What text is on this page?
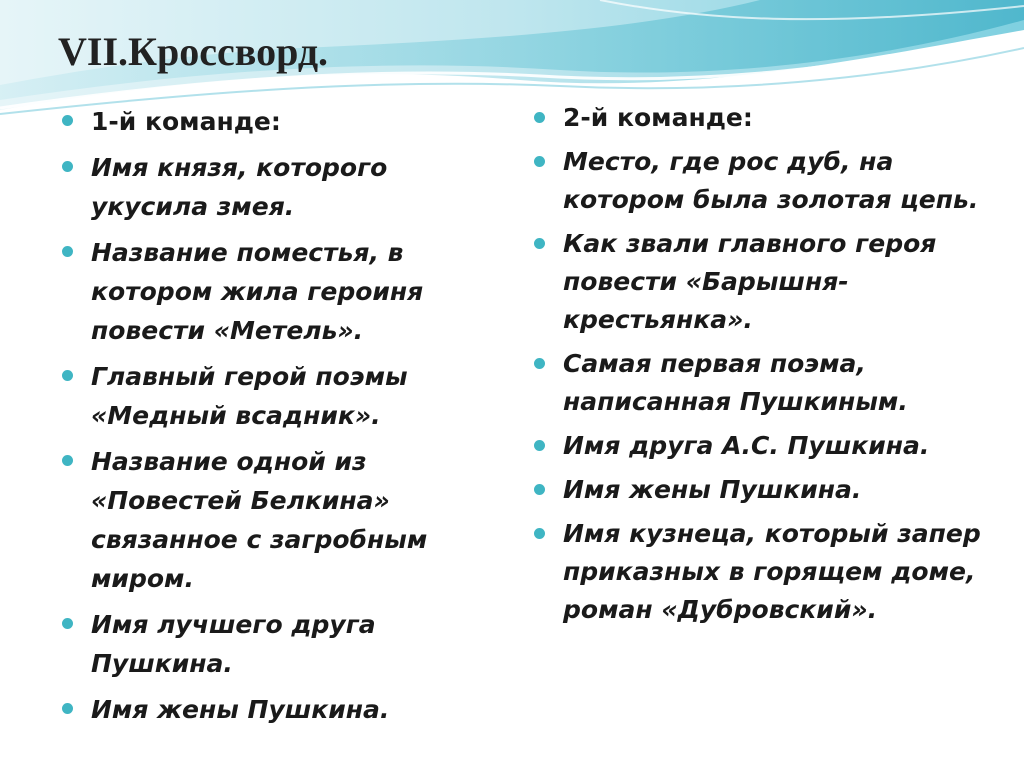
VII.Кроссворд.
1-й команде:
Имя князя, которого укусила змея.
Название поместья, в котором жила героиня повести «Метель».
Главный герой поэмы «Медный всадник».
Название одной из «Повестей Белкина» связанное с загробным миром.
Имя лучшего друга Пушкина.
Имя жены Пушкина.
2-й команде:
Место, где рос дуб, на котором была золотая цепь.
Как звали главного героя повести «Барышня-крестьянка».
Самая первая поэма, написанная Пушкиным.
Имя друга А.С. Пушкина.
Имя жены Пушкина.
Имя кузнеца, который запер приказных в горящем доме, роман «Дубровский».
